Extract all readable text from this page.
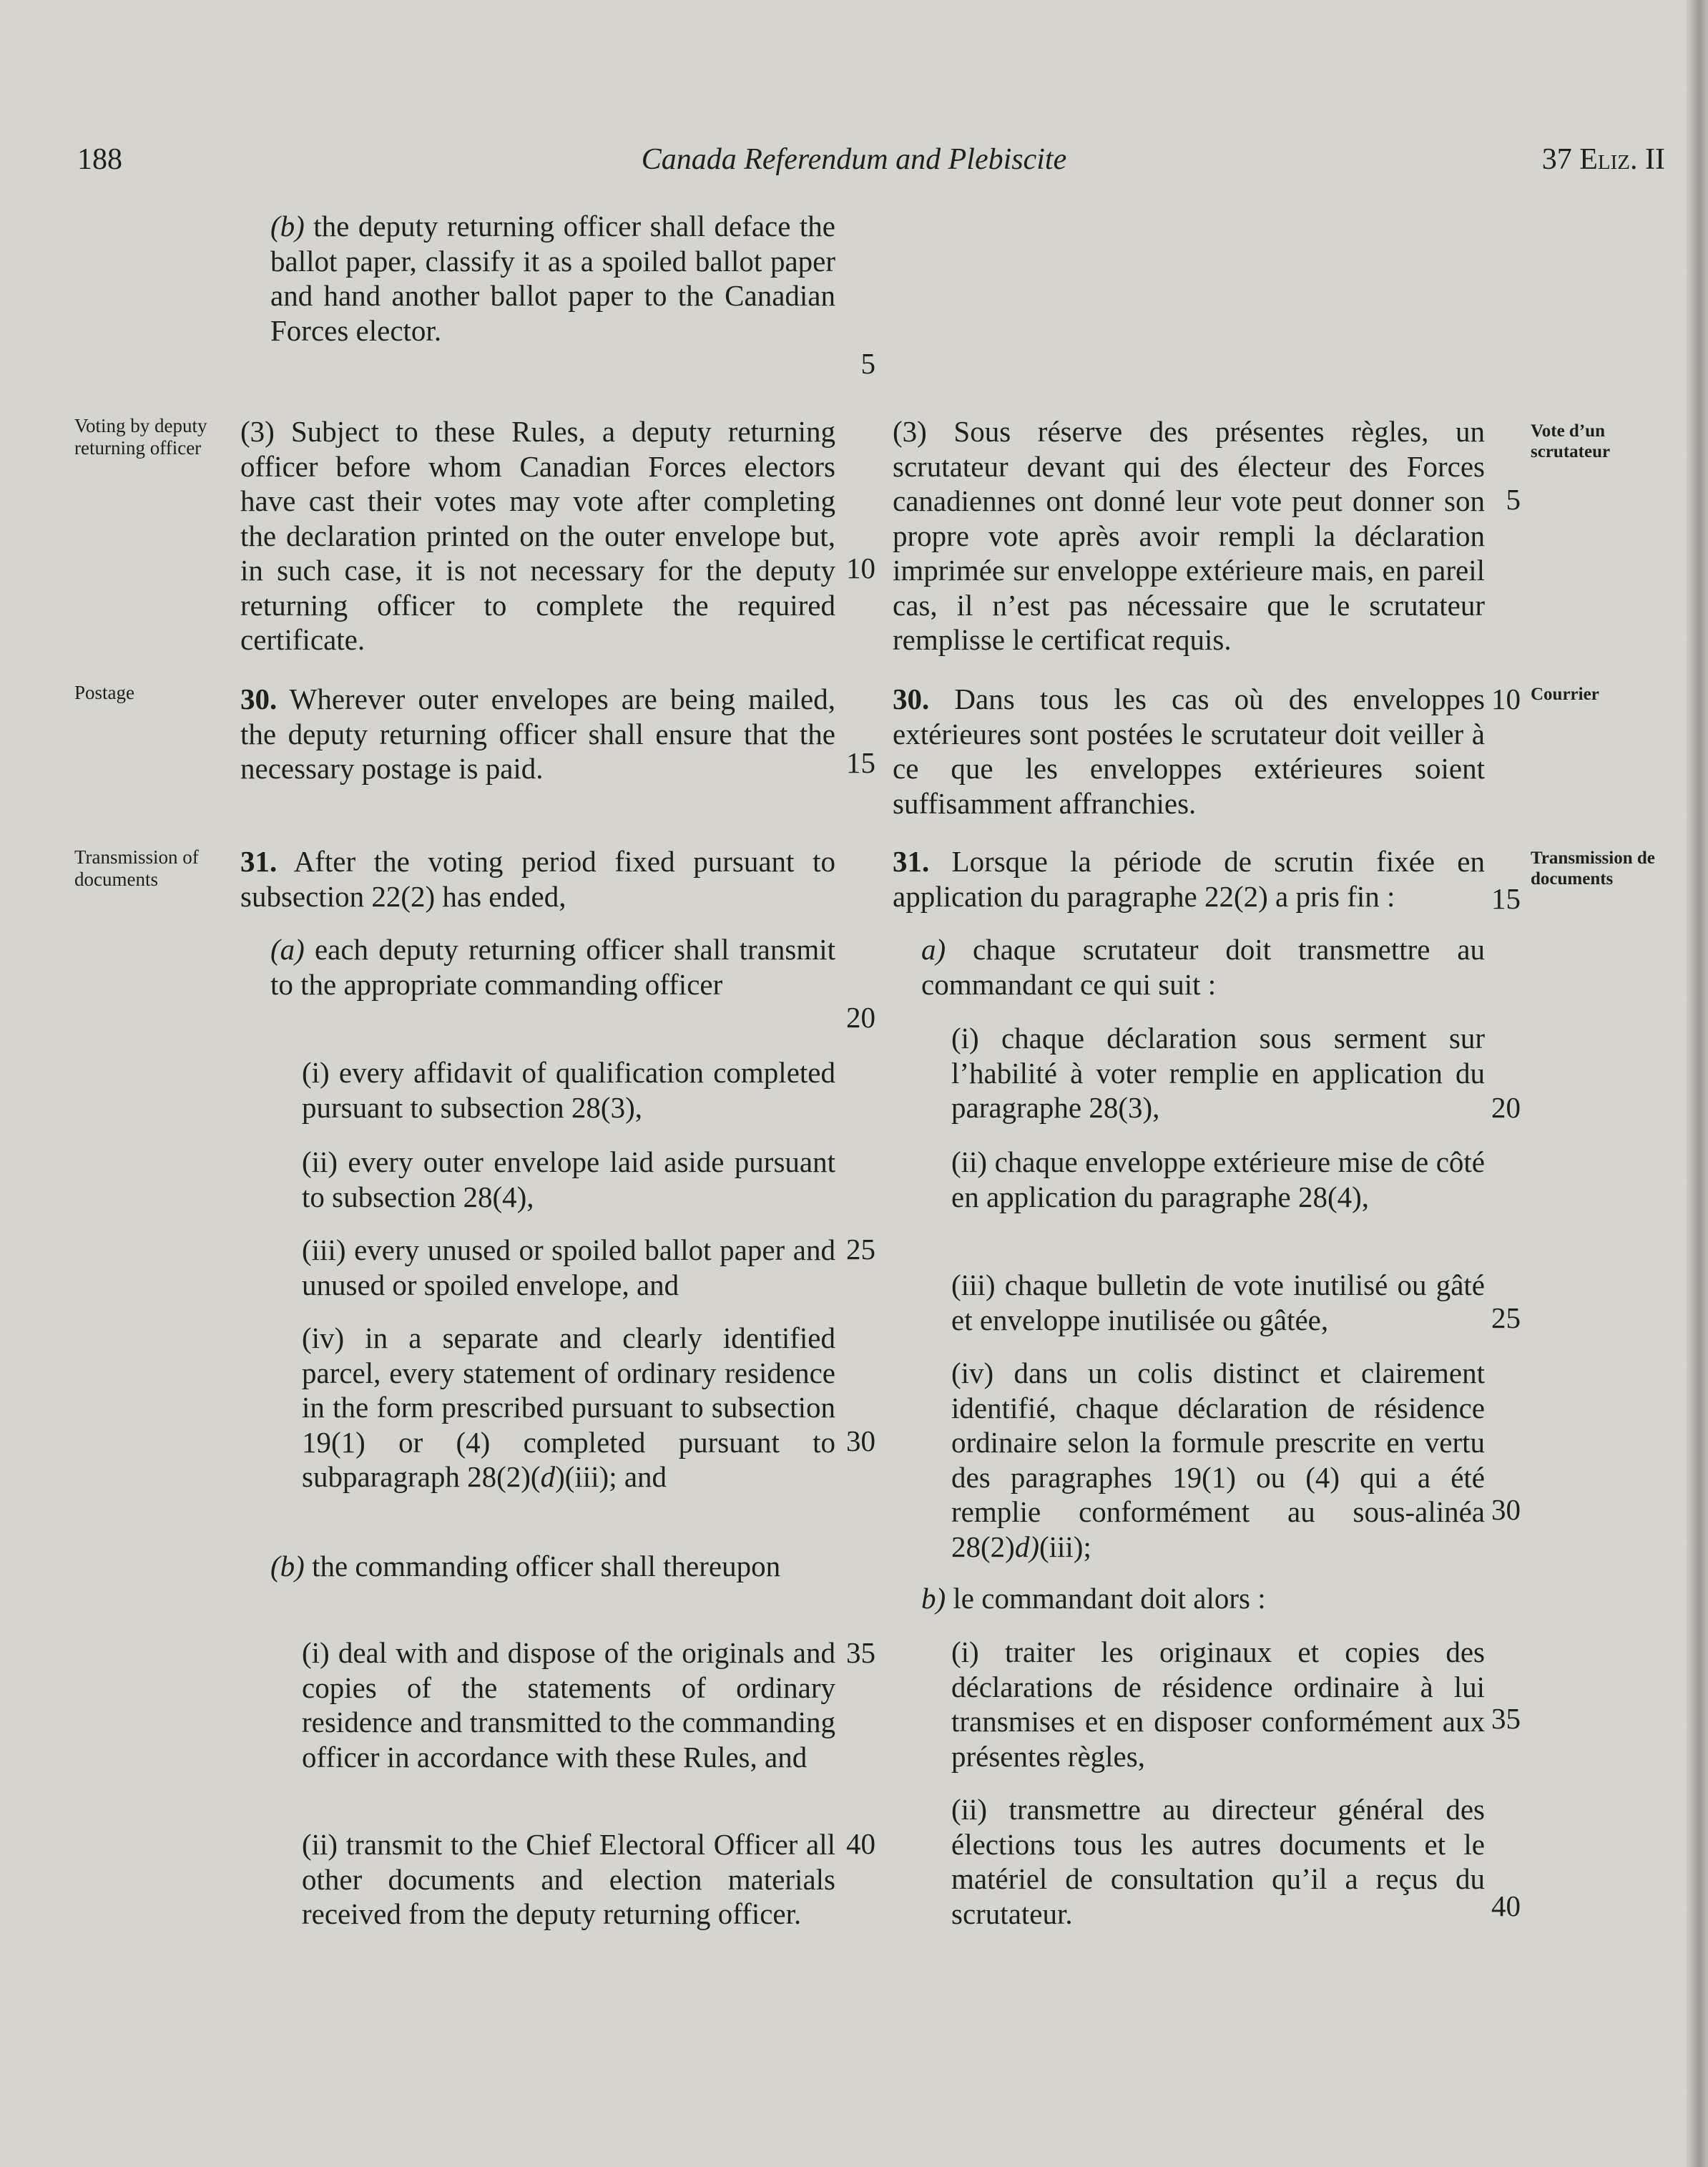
188	Canada Referendum and Plebiscite	37 Eliz. II
Voting by deputy returning officer
Postage
Transmission of documents
Vote d’un scrutateur
Courrier
Transmission de documents
(b) the deputy returning officer shall deface the ballot paper, classify it as a spoiled ballot paper and hand another ballot paper to the Canadian Forces elector.
(3) Subject to these Rules, a deputy returning officer before whom Canadian Forces electors have cast their votes may vote after completing the declaration printed on the outer envelope but, in such case, it is not necessary for the deputy returning officer to complete the required certificate.
30. Wherever outer envelopes are being mailed, the deputy returning officer shall ensure that the necessary postage is paid.
31. After the voting period fixed pursuant to subsection 22(2) has ended,
(a) each deputy returning officer shall transmit to the appropriate commanding officer
(i) every affidavit of qualification completed pursuant to subsection 28(3),
(ii) every outer envelope laid aside pursuant to subsection 28(4),
(iii) every unused or spoiled ballot paper and unused or spoiled envelope, and
(iv) in a separate and clearly identified parcel, every statement of ordinary residence in the form prescribed pursuant to subsection 19(1) or (4) completed pursuant to subparagraph 28(2)(d)(iii); and
(b) the commanding officer shall thereupon
(i) deal with and dispose of the originals and copies of the statements of ordinary residence and transmitted to the commanding officer in accordance with these Rules, and
(ii) transmit to the Chief Electoral Officer all other documents and election materials received from the deputy returning officer.
5
10
15
20
25
30
35
40
(3) Sous réserve des présentes règles, un scrutateur devant qui des électeur des Forces canadiennes ont donné leur vote peut donner son propre vote après avoir rempli la déclaration imprimée sur enveloppe extérieure mais, en pareil cas, il n’est pas nécessaire que le scrutateur remplisse le certificat requis.
30. Dans tous les cas où des enveloppes extérieures sont postées le scrutateur doit veiller à ce que les enveloppes extérieures soient suffisamment affranchies.
31. Lorsque la période de scrutin fixée en application du paragraphe 22(2) a pris fin :
a) chaque scrutateur doit transmettre au commandant ce qui suit :
(i) chaque déclaration sous serment sur l’habilité à voter remplie en application du paragraphe 28(3),
(ii) chaque enveloppe extérieure mise de côté en application du paragraphe 28(4),
(iii) chaque bulletin de vote inutilisé ou gâté et enveloppe inutilisée ou gâtée,
(iv) dans un colis distinct et clairement identifié, chaque déclaration de résidence ordinaire selon la formule prescrite en vertu des paragraphes 19(1) ou (4) qui a été remplie conformément au sous-alinéa 28(2)d)(iii);
b) le commandant doit alors :
(i) traiter les originaux et copies des déclarations de résidence ordinaire à lui transmises et en disposer conformément aux présentes règles,
(ii) transmettre au directeur général des élections tous les autres documents et le matériel de consultation qu’il a reçus du scrutateur.
5
10
15
20
25
30
35
40
